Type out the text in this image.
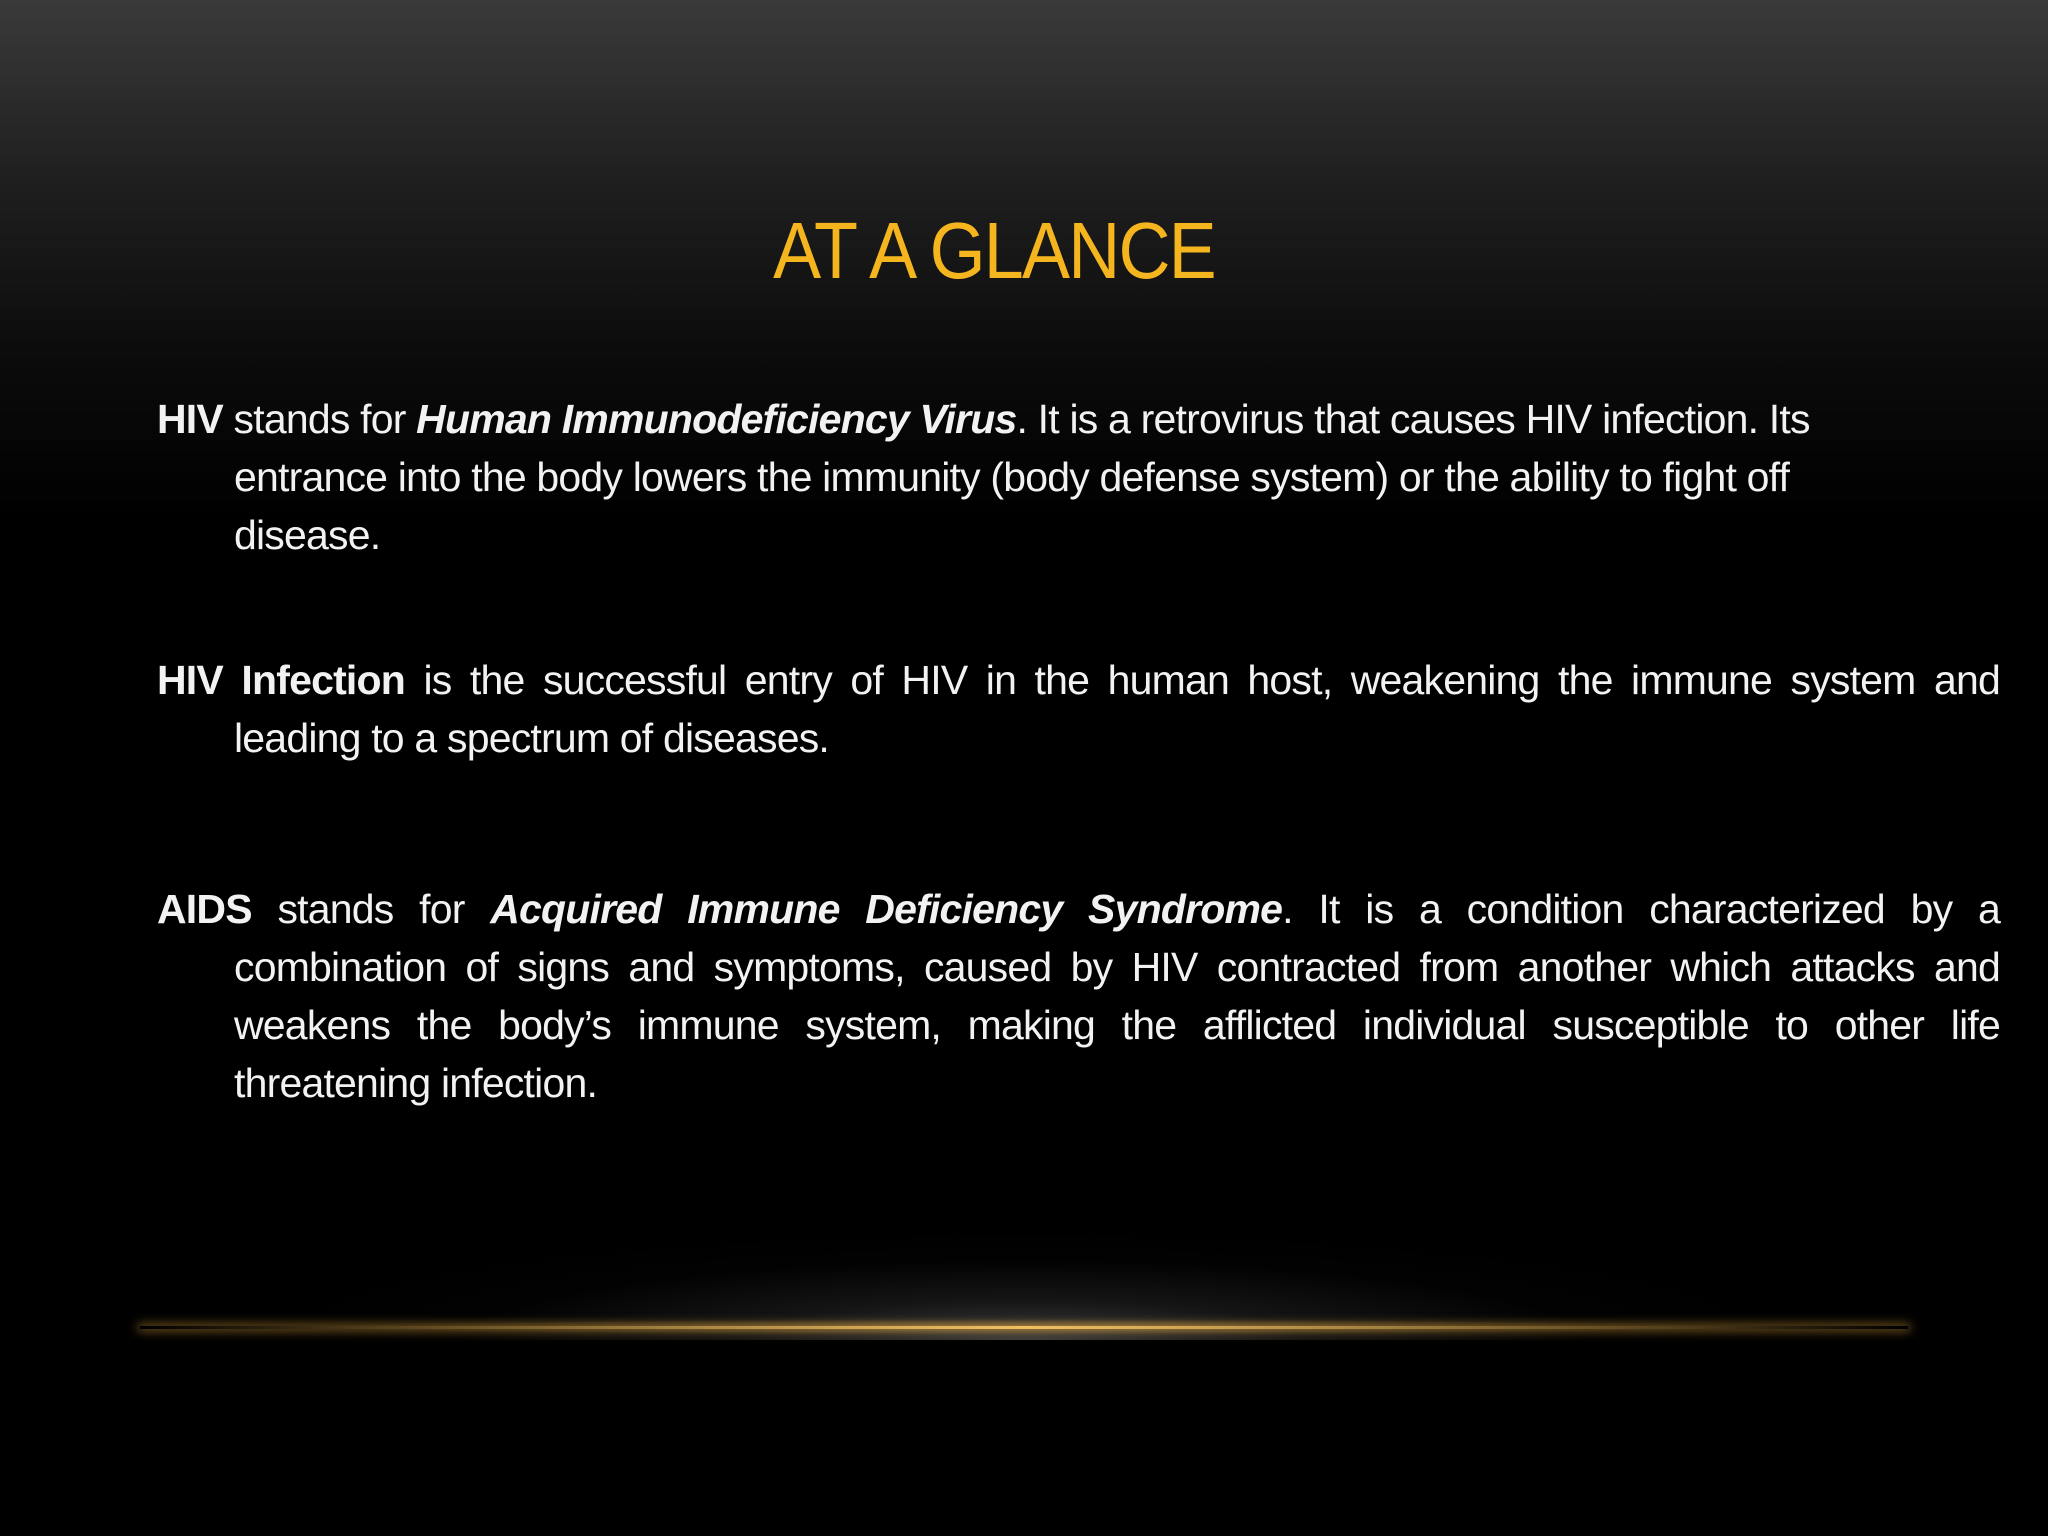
AT A GLANCE

HIV stands for Human Immunodeficiency Virus. It is a retrovirus that causes HIV infection. Its entrance into the body lowers the immunity (body defense system) or the ability to fight off disease.

HIV Infection is the successful entry of HIV in the human host, weakening the immune system and leading to a spectrum of diseases.

AIDS stands for Acquired Immune Deficiency Syndrome. It is a condition characterized by a combination of signs and symptoms, caused by HIV contracted from another which attacks and weakens the body’s immune system, making the afflicted individual susceptible to other life threatening infection.
